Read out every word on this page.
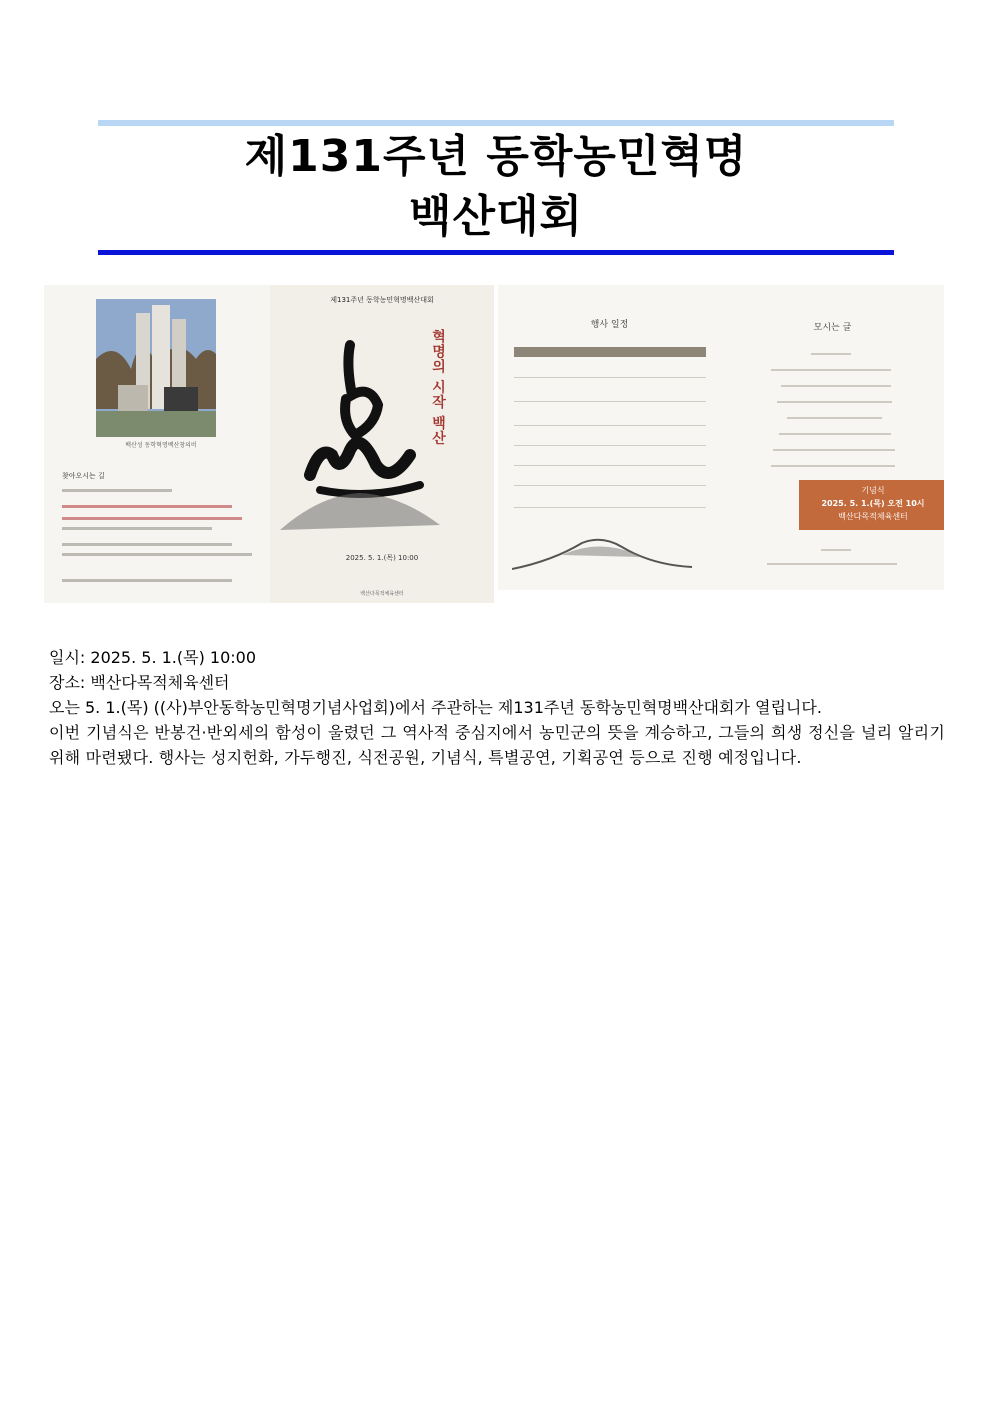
제131주년 동학농민혁명
백산대회
백산성 동학혁명백산창의비
찾아오시는 길
제131주년 동학농민혁명백산대회
혁명의 시작 백산
2025. 5. 1.(목) 10:00
백산다목적체육센터
행사 일정	모시는 글
기념식
2025. 5. 1.(목) 오전 10시
백산다목적체육센터

일시: 2025. 5. 1.(목) 10:00

장소: 백산다목적체육센터

오는 5. 1.(목) ((사)부안동학농민혁명기념사업회)에서 주관하는 제131주년 동학농민혁명백산대회가 열립니다.

이번 기념식은 반봉건·반외세의 함성이 울렸던 그 역사적 중심지에서 농민군의 뜻을 계승하고, 그들의 희생 정신을 널리 알리기 위해 마련됐다. 행사는 성지헌화, 가두행진, 식전공원, 기념식, 특별공연, 기획공연 등으로 진행 예정입니다.
